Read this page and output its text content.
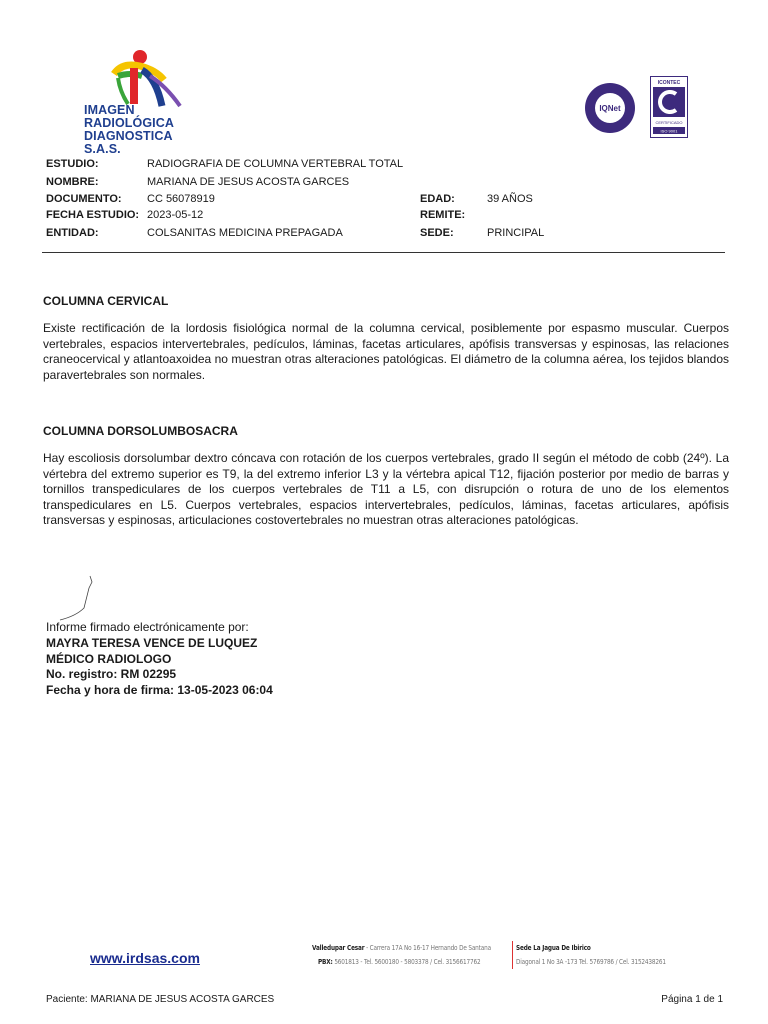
IMAGEN
RADIOLÓGICA
DIAGNOSTICA S.A.S.
IQNet
ICONTEC
CERTIFICADO
ISO 9001
ESTUDIO:	RADIOGRAFIA DE COLUMNA VERTEBRAL TOTAL
NOMBRE:	MARIANA DE JESUS ACOSTA GARCES
DOCUMENTO: CC 56078919	EDAD:	39 AÑOS
FECHA ESTUDIO: 2023-05-12	REMITE:
ENTIDAD:	COLSANITAS MEDICINA PREPAGADA	SEDE:	PRINCIPAL
COLUMNA CERVICAL

Existe rectificación de la lordosis fisiológica normal de la columna cervical, posiblemente por espasmo muscular. Cuerpos vertebrales, espacios intervertebrales, pedículos, láminas, facetas articulares, apófisis transversas y espinosas, las relaciones craneocervical y atlantoaxoidea no muestran otras alteraciones patológicas. El diámetro de la columna aérea, los tejidos blandos paravertebrales son normales.

COLUMNA DORSOLUMBOSACRA

Hay escoliosis dorsolumbar dextro cóncava con rotación de los cuerpos vertebrales, grado II según el método de cobb (24º). La vértebra del extremo superior es T9, la del extremo inferior L3 y la vértebra apical T12, fijación posterior por medio de barras y tornillos transpediculares de los cuerpos vertebrales de T11 a L5, con disrupción o rotura de uno de los elementos transpediculares en L5. Cuerpos vertebrales, espacios intervertebrales, pedículos, láminas, facetas articulares, apófisis transversas y espinosas, articulaciones costovertebrales no muestran otras alteraciones patológicas.

Informe firmado electrónicamente por:
MAYRA TERESA VENCE DE LUQUEZ
MÉDICO RADIOLOGO
No. registro: RM 02295
Fecha y hora de firma: 13-05-2023 06:04
www.irdsas.com
Valledupar Cesar - Carrera 17A No 16-17 Hernando De Santana
PBX: 5601813 - Tel. 5600180 - 5803378 / Cel. 3156617762
Sede La Jagua De Ibirico
Diagonal 1 No 3A -173 Tel. 5769786 / Cel. 3152438261
Paciente: MARIANA DE JESUS ACOSTA GARCES	Página 1 de 1
